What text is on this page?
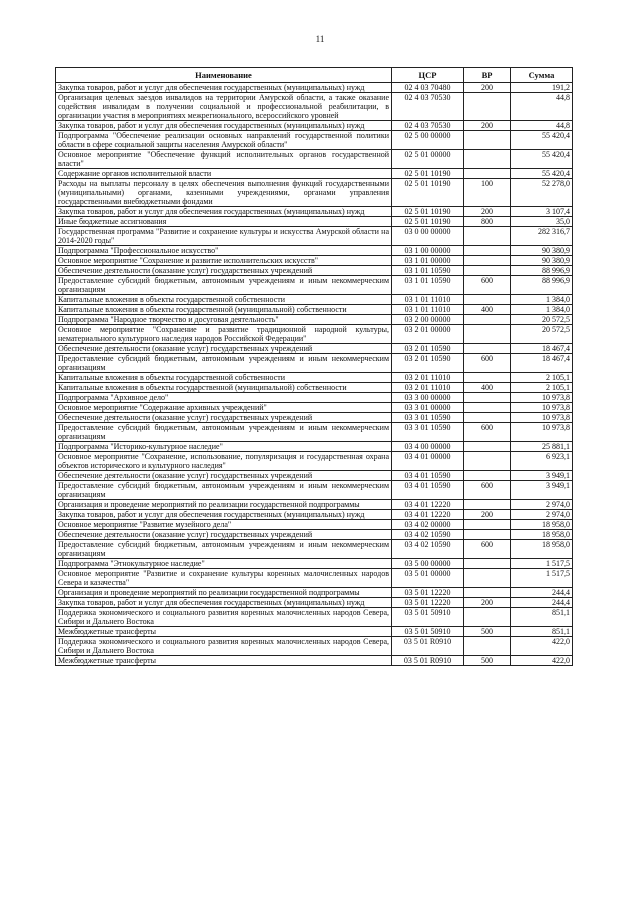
11
Наименование	ЦСР	ВР	Сумма
Закупка товаров, работ и услуг для обеспечения государственных (муниципальных) нужд	02 4 03 70480	200	191,2
Организация целевых заездов инвалидов на территории Амурской области, а также оказание содействия инвалидам в получении социальной и профессиональной реабилитации, в организации участия в мероприятиях межрегионального, всероссийского уровней	02 4 03 70530		44,8
Закупка товаров, работ и услуг для обеспечения государственных (муниципальных) нужд	02 4 03 70530	200	44,8
Подпрограмма "Обеспечение реализации основных направлений государственной политики области в сфере социальной защиты населения Амурской области"	02 5 00 00000		55 420,4
Основное мероприятие "Обеспечение функций исполнительных органов государственной власти"	02 5 01 00000		55 420,4
Содержание органов исполнительной власти	02 5 01 10190		55 420,4
Расходы на выплаты персоналу в целях обеспечения выполнения функций государственными (муниципальными) органами, казенными учреждениями, органами управления государственными внебюджетными фондами	02 5 01 10190	100	52 278,0
Закупка товаров, работ и услуг для обеспечения государственных (муниципальных) нужд	02 5 01 10190	200	3 107,4
Иные бюджетные ассигнования	02 5 01 10190	800	35,0
Государственная программа "Развитие и сохранение культуры и искусства Амурской области на 2014-2020 годы"	03 0 00 00000		282 316,7
Подпрограмма "Профессиональное искусство"	03 1 00 00000		90 380,9
Основное мероприятие "Сохранение и развитие исполнительских искусств"	03 1 01 00000		90 380,9
Обеспечение деятельности (оказание услуг) государственных учреждений	03 1 01 10590		88 996,9
Предоставление субсидий бюджетным, автономным учреждениям и иным некоммерческим организациям	03 1 01 10590	600	88 996,9
Капитальные вложения в объекты государственной собственности	03 1 01 11010		1 384,0
Капитальные вложения в объекты государственной (муниципальной) собственности	03 1 01 11010	400	1 384,0
Подпрограмма "Народное творчество и досуговая деятельность"	03 2 00 00000		20 572,5
Основное мероприятие "Сохранение и развитие традиционной народной культуры, нематериального культурного наследия народов Российской Федерации"	03 2 01 00000		20 572,5
Обеспечение деятельности (оказание услуг) государственных учреждений	03 2 01 10590		18 467,4
Предоставление субсидий бюджетным, автономным учреждениям и иным некоммерческим организациям	03 2 01 10590	600	18 467,4
Капитальные вложения в объекты государственной собственности	03 2 01 11010		2 105,1
Капитальные вложения в объекты государственной (муниципальной) собственности	03 2 01 11010	400	2 105,1
Подпрограмма "Архивное дело"	03 3 00 00000		10 973,8
Основное мероприятие "Содержание архивных учреждений"	03 3 01 00000		10 973,8
Обеспечение деятельности (оказание услуг) государственных учреждений	03 3 01 10590		10 973,8
Предоставление субсидий бюджетным, автономным учреждениям и иным некоммерческим организациям	03 3 01 10590	600	10 973,8
Подпрограмма "Историко-культурное наследие"	03 4 00 00000		25 881,1
Основное мероприятие "Сохранение, использование, популяризация и государственная охрана объектов исторического и культурного наследия"	03 4 01 00000		6 923,1
Обеспечение деятельности (оказание услуг) государственных учреждений	03 4 01 10590		3 949,1
Предоставление субсидий бюджетным, автономным учреждениям и иным некоммерческим организациям	03 4 01 10590	600	3 949,1
Организация и проведение мероприятий по реализации государственной подпрограммы	03 4 01 12220		2 974,0
Закупка товаров, работ и услуг для обеспечения государственных (муниципальных) нужд	03 4 01 12220	200	2 974,0
Основное мероприятие "Развитие музейного дела"	03 4 02 00000		18 958,0
Обеспечение деятельности (оказание услуг) государственных учреждений	03 4 02 10590		18 958,0
Предоставление субсидий бюджетным, автономным учреждениям и иным некоммерческим организациям	03 4 02 10590	600	18 958,0
Подпрограмма "Этнокультурное наследие"	03 5 00 00000		1 517,5
Основное мероприятие "Развитие и сохранение культуры коренных малочисленных народов Севера и казачества"	03 5 01 00000		1 517,5
Организация и проведение мероприятий по реализации государственной подпрограммы	03 5 01 12220		244,4
Закупка товаров, работ и услуг для обеспечения государственных (муниципальных) нужд	03 5 01 12220	200	244,4
Поддержка экономического и социального развития коренных малочисленных народов Севера, Сибири и Дальнего Востока	03 5 01 50910		851,1
Межбюджетные трансферты	03 5 01 50910	500	851,1
Поддержка экономического и социального развития коренных малочисленных народов Севера, Сибири и Дальнего Востока	03 5 01 R0910		422,0
Межбюджетные трансферты	03 5 01 R0910	500	422,0
